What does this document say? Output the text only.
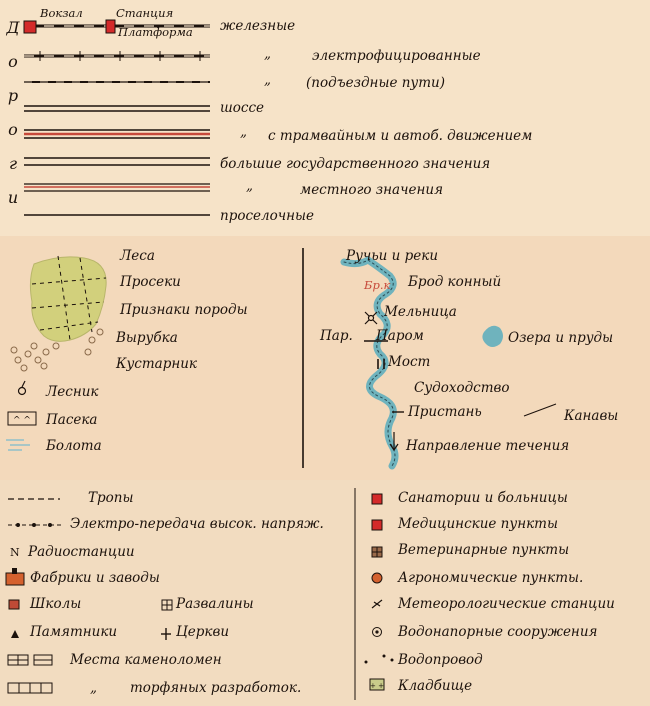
Д
о
р
о
г
и
Вокзал	Станция
Платформа железные
„	электрофицированные
„	(подъездные пути)
шоссе
„ с трамвайным и автоб. движением
большие государственного значения
„	местного значения
проселочные
^ ^
Леса
Просеки
Признаки породы
Вырубка
Кустарник
Лесник
Пасека
Болота
Ручьи и реки
Брод конный
Бр.к
Мельница
Пар. Паром	Озера и пруды
Мост
Судоходство
Пристань	Канавы
Направление течения
N
+ +
Тропы
Электро-передача высок. напряж.
Радиостанции
Фабрики и заводы
Школы	Развалины
Памятники	Церкви
Места каменоломен
„ торфяных разработок.
Санатории и больницы
Медицинские пункты
Ветеринарные пункты
Агрономические пункты.
Метеорологические станции
Водонапорные сооружения
Водопровод
Кладбище
